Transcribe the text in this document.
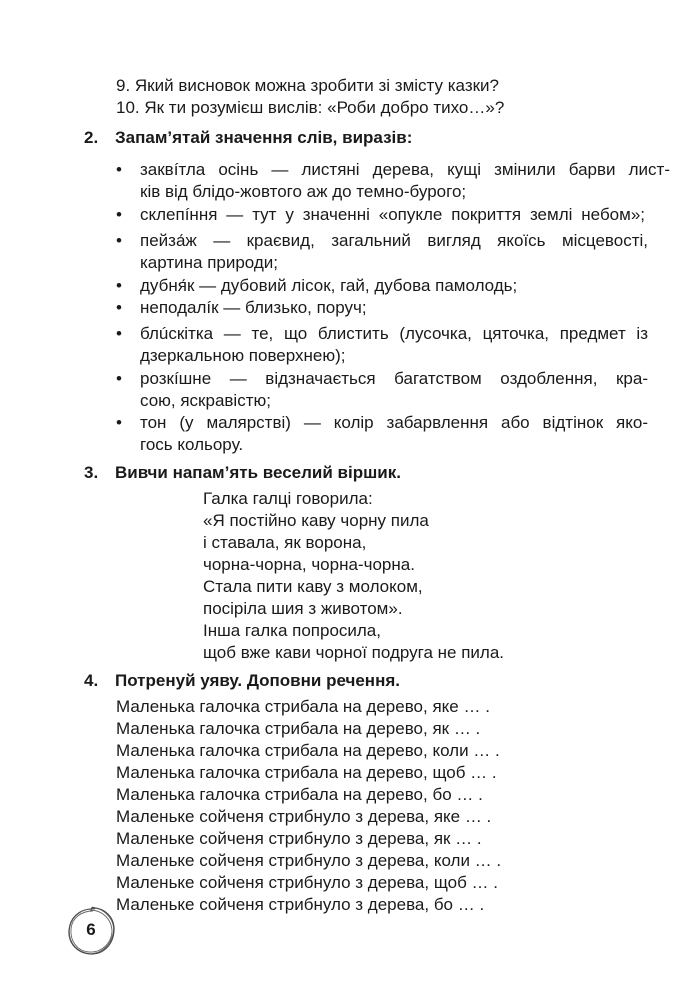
9. Який висновок можна зробити зі змісту казки?
10. Як ти розумієш вислів: «Роби добро тихо…»?
2. Запам’ятай значення слів, виразів:
• заквíтла осінь — листяні дерева, кущі змінили барви лист-
ків від блідо-жовтого аж до темно-бурого;
• склепíння — тут у значенні «опукле покриття землі небом»;
• пейза́ж — краєвид, загальний вигляд якоїсь місцевості,
картина природи;
• дубня́к — дубовий лісок, гай, дубова памолодь;
• неподалíк — близько, поруч;
• блúскітка — те, що блистить (лусочка, цяточка, предмет із
дзеркальною поверхнею);
• розкíшне — відзначається багатством оздоблення, кра-
сою, яскравістю;
• тон (у малярстві) — колір забарвлення або відтінок яко-
гось кольору.
3. Вивчи напам’ять веселий віршик.
Галка галці говорила:
«Я постійно каву чорну пила
і ставала, як ворона,
чорна-чорна, чорна-чорна.
Стала пити каву з молоком,
посіріла шия з животом».
Інша галка попросила,
щоб вже кави чорної подруга не пила.
4. Потренуй уяву. Доповни речення.
Маленька галочка стрибала на дерево, яке … .
Маленька галочка стрибала на дерево, як … .
Маленька галочка стрибала на дерево, коли … .
Маленька галочка стрибала на дерево, щоб … .
Маленька галочка стрибала на дерево, бо … .
Маленьке сойченя стрибнуло з дерева, яке … .
Маленьке сойченя стрибнуло з дерева, як … .
Маленьке сойченя стрибнуло з дерева, коли … .
Маленьке сойченя стрибнуло з дерева, щоб … .
Маленьке сойченя стрибнуло з дерева, бо … .
6
